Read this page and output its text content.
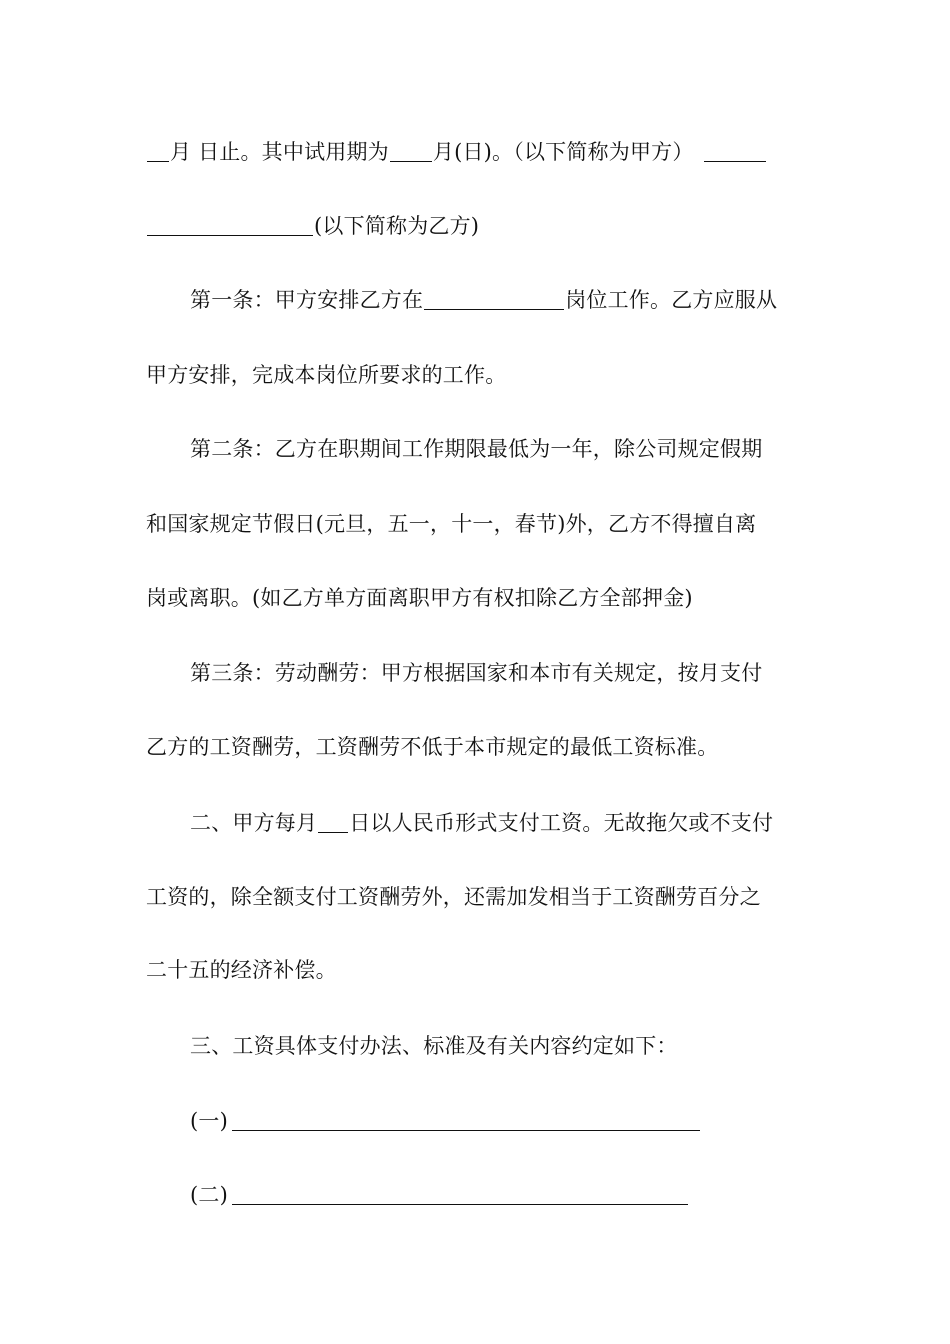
月 日止。其中试用期为 月(日)。（以下简称为甲方）
(以下简称为乙方)
第一条：甲方安排乙方在	岗位工作。乙方应服从
甲方安排，完成本岗位所要求的工作。
第二条：乙方在职期间工作期限最低为一年，除公司规定假期
和国家规定节假日(元旦，五一，十一，春节)外，乙方不得擅自离
岗或离职。(如乙方单方面离职甲方有权扣除乙方全部押金)
第三条：劳动酬劳：甲方根据国家和本市有关规定，按月支付
乙方的工资酬劳，工资酬劳不低于本市规定的最低工资标准。
二、甲方每月 日以人民币形式支付工资。无故拖欠或不支付
工资的，除全额支付工资酬劳外，还需加发相当于工资酬劳百分之
二十五的经济补偿。
三、工资具体支付办法、标准及有关内容约定如下：
(一)
(二)
